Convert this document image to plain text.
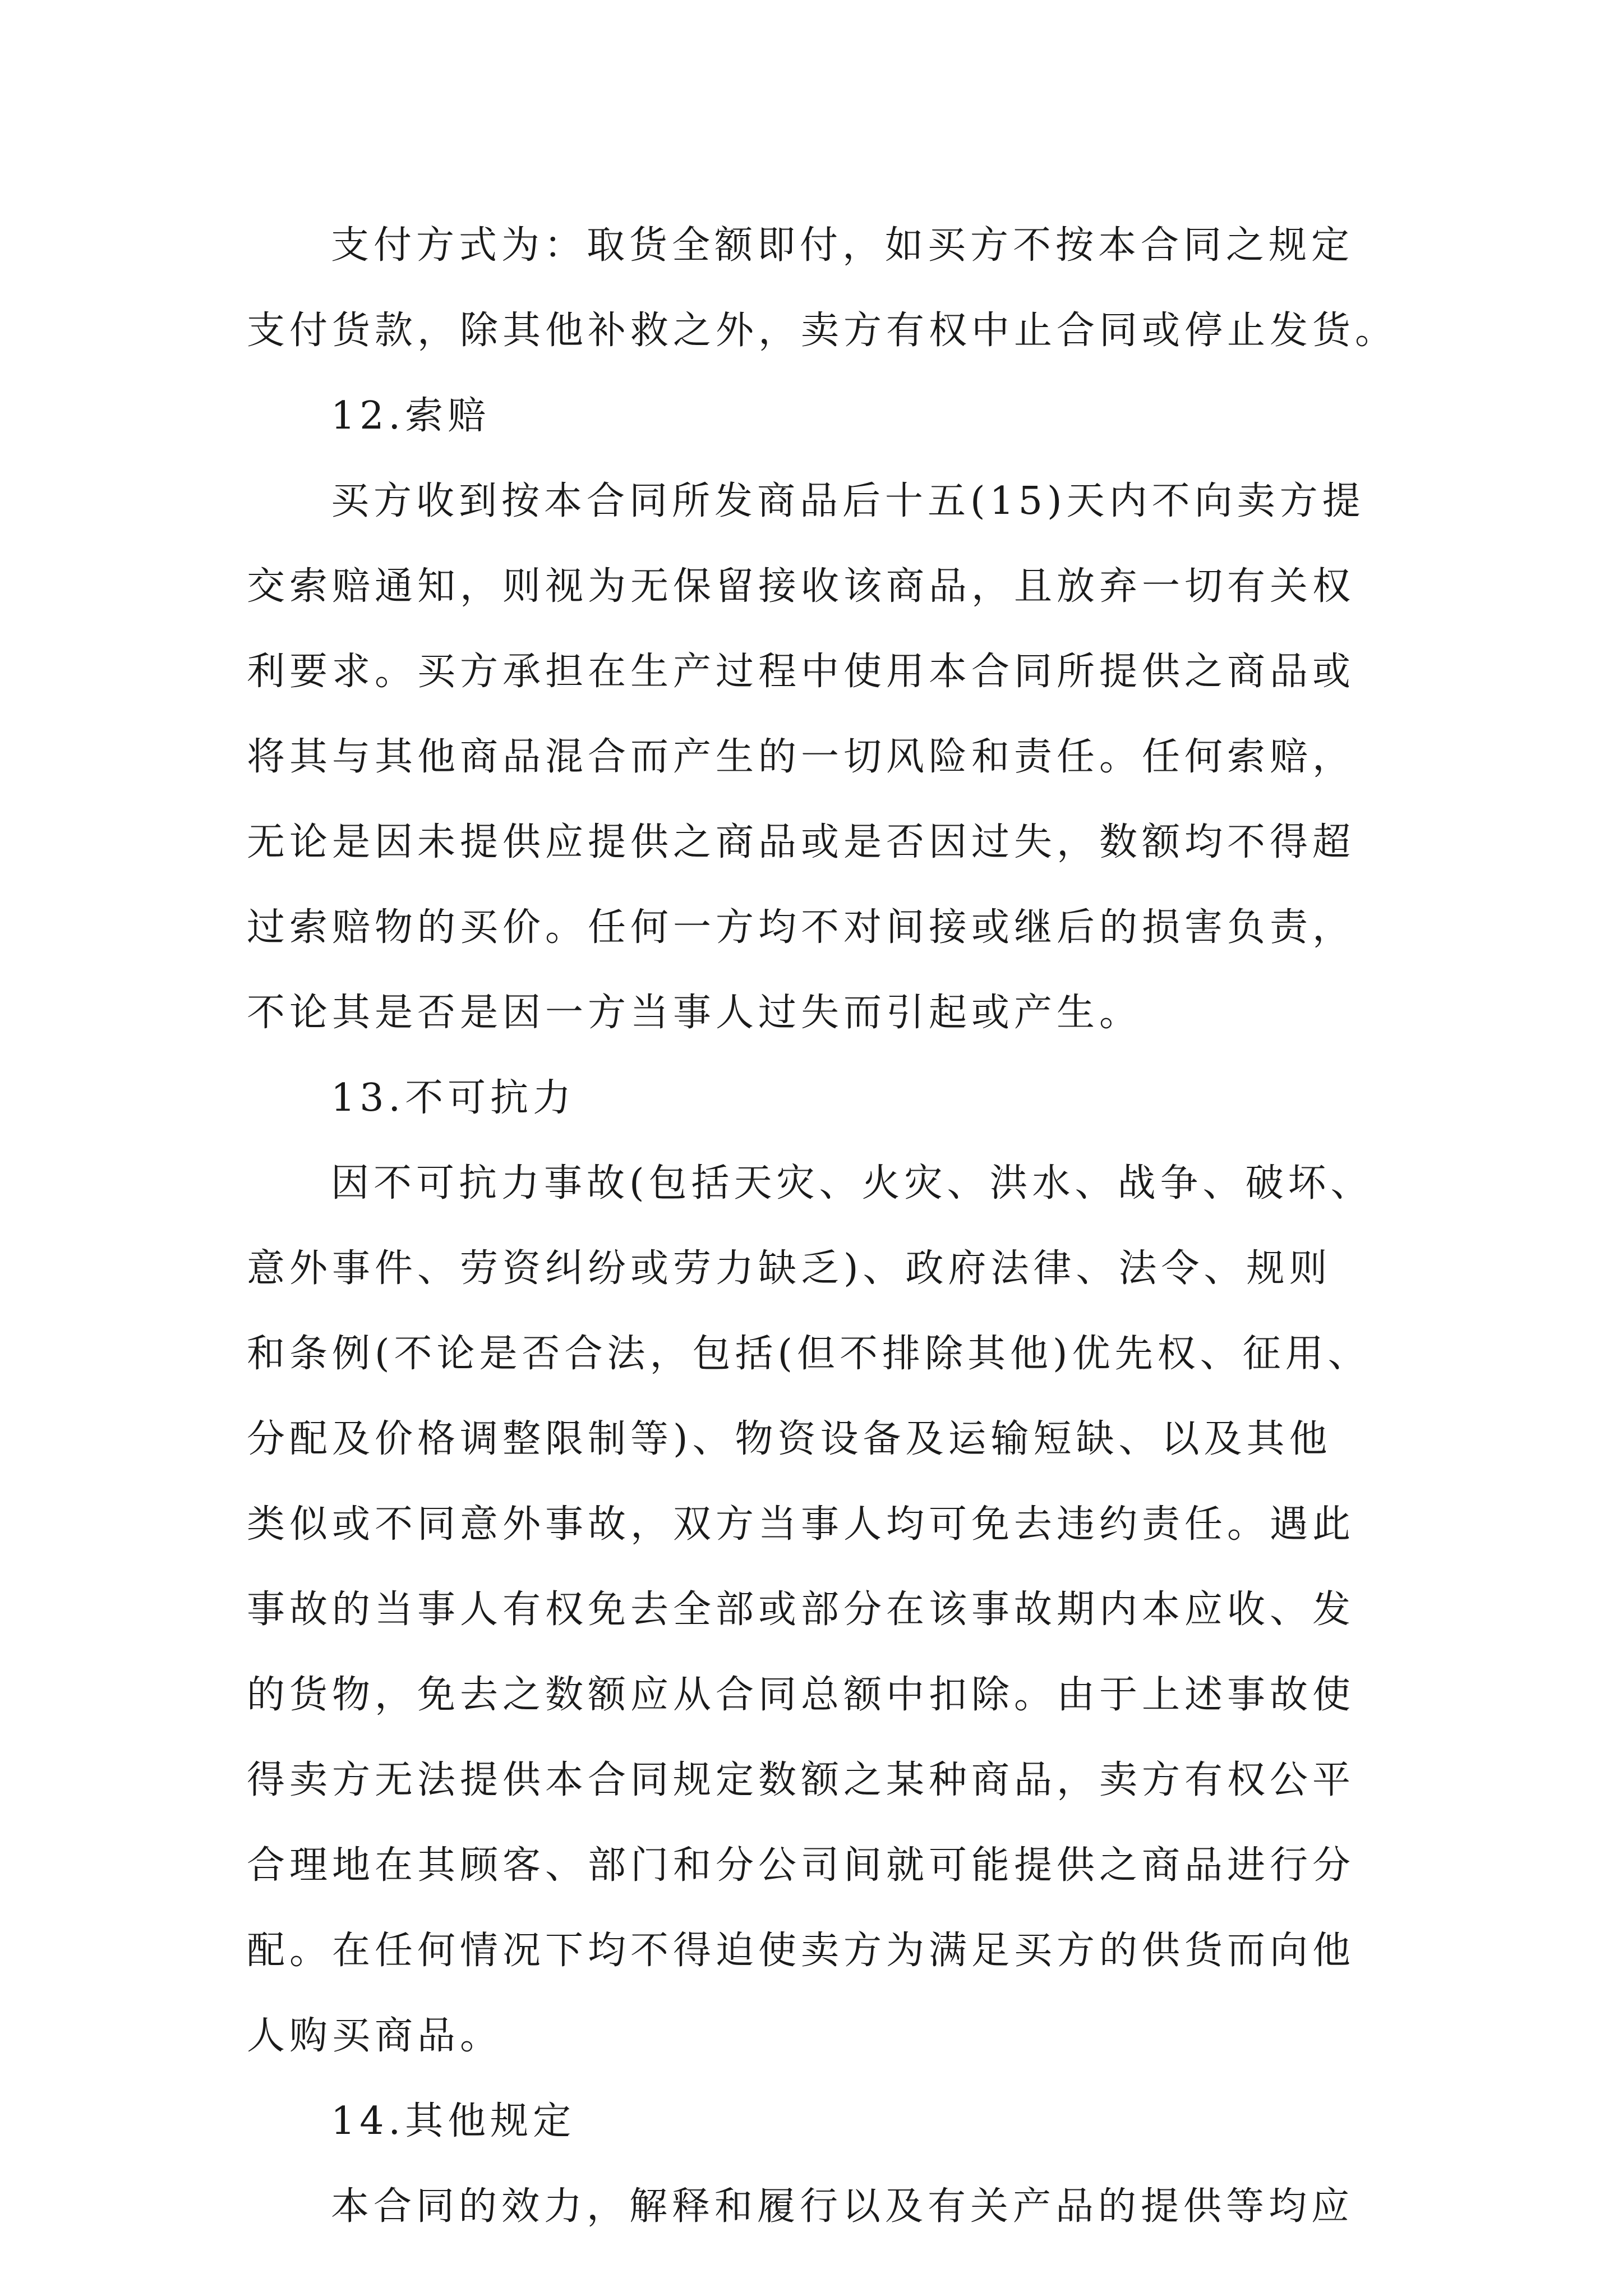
支付方式为：取货全额即付，如买方不按本合同之规定
支付货款，除其他补救之外，卖方有权中止合同或停止发货。
12.索赔
买方收到按本合同所发商品后十五(15)天内不向卖方提
交索赔通知，则视为无保留接收该商品，且放弃一切有关权
利要求。买方承担在生产过程中使用本合同所提供之商品或
将其与其他商品混合而产生的一切风险和责任。任何索赔，
无论是因未提供应提供之商品或是否因过失，数额均不得超
过索赔物的买价。任何一方均不对间接或继后的损害负责，
不论其是否是因一方当事人过失而引起或产生。
13.不可抗力
因不可抗力事故(包括天灾、火灾、洪水、战争、破坏、
意外事件、劳资纠纷或劳力缺乏)、政府法律、法令、规则
和条例(不论是否合法，包括(但不排除其他)优先权、征用、
分配及价格调整限制等)、物资设备及运输短缺、以及其他
类似或不同意外事故，双方当事人均可免去违约责任。遇此
事故的当事人有权免去全部或部分在该事故期内本应收、发
的货物，免去之数额应从合同总额中扣除。由于上述事故使
得卖方无法提供本合同规定数额之某种商品，卖方有权公平
合理地在其顾客、部门和分公司间就可能提供之商品进行分
配。在任何情况下均不得迫使卖方为满足买方的供货而向他
人购买商品。
14.其他规定
本合同的效力，解释和履行以及有关产品的提供等均应
